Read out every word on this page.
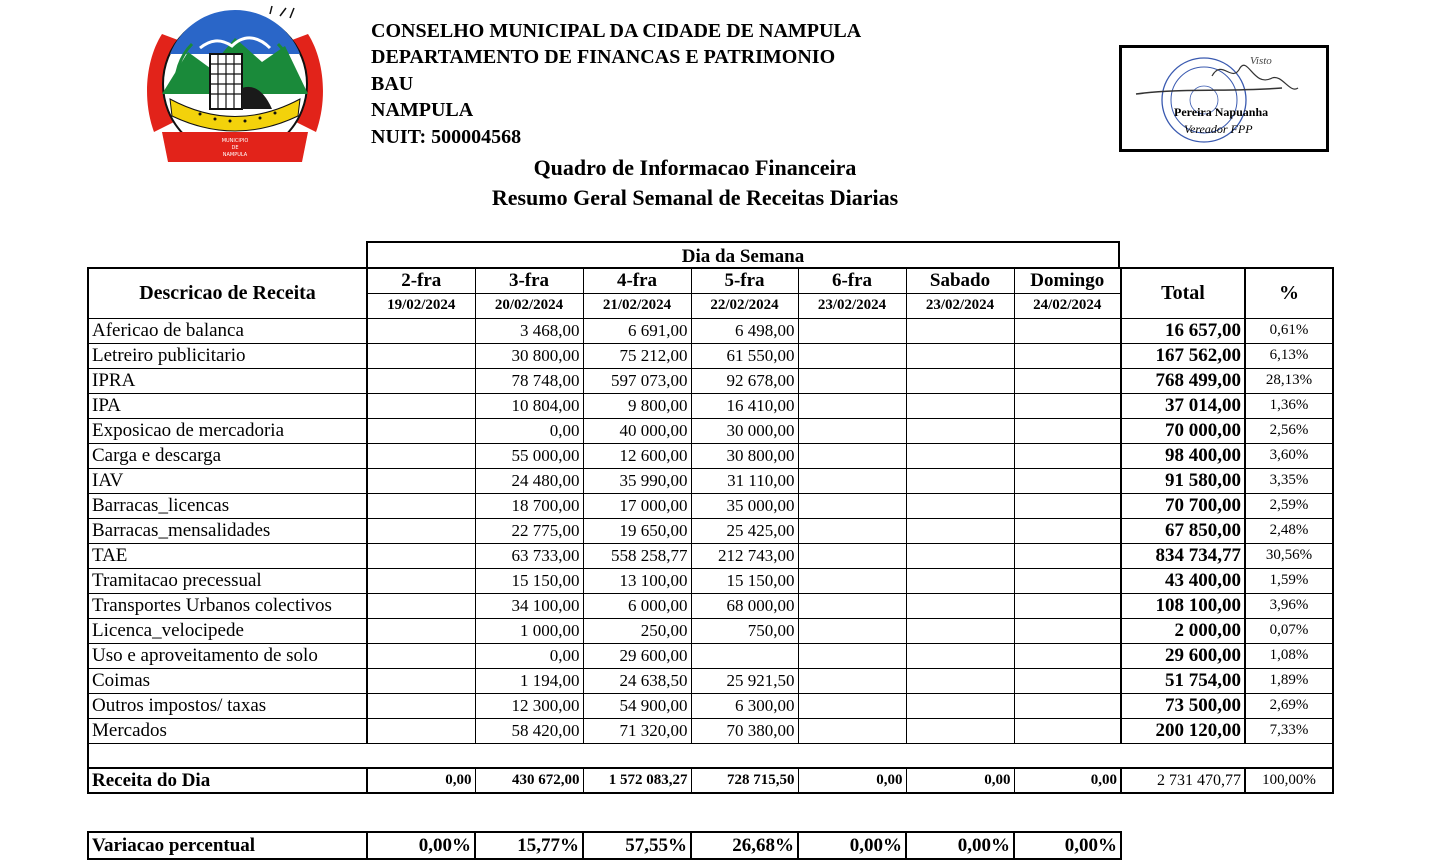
MUNICIPIO
DE
NAMPULA
CONSELHO MUNICIPAL DA CIDADE DE NAMPULA
DEPARTAMENTO DE FINANCAS E PATRIMONIO
BAU
NAMPULA
NUIT: 500004568
Quadro de Informacao Financeira
Resumo Geral Semanal de Receitas Diarias
Visto
Pereira Napuanha
Vereador FPP
Dia da Semana
Descricao de Receita	2-fra	3-fra	4-fra	5-fra	6-fra	Sabado	Domingo	Total	%
	19/02/2024	20/02/2024	21/02/2024	22/02/2024	23/02/2024	23/02/2024	24/02/2024		
Afericao de balanca		3 468,00	6 691,00	6 498,00				16 657,00	0,61%
Letreiro publicitario		30 800,00	75 212,00	61 550,00				167 562,00	6,13%
IPRA		78 748,00	597 073,00	92 678,00				768 499,00	28,13%
IPA		10 804,00	9 800,00	16 410,00				37 014,00	1,36%
Exposicao de mercadoria		0,00	40 000,00	30 000,00				70 000,00	2,56%
Carga e descarga		55 000,00	12 600,00	30 800,00				98 400,00	3,60%
IAV		24 480,00	35 990,00	31 110,00				91 580,00	3,35%
Barracas_licencas		18 700,00	17 000,00	35 000,00				70 700,00	2,59%
Barracas_mensalidades		22 775,00	19 650,00	25 425,00				67 850,00	2,48%
TAE		63 733,00	558 258,77	212 743,00				834 734,77	30,56%
Tramitacao precessual		15 150,00	13 100,00	15 150,00				43 400,00	1,59%
Transportes Urbanos colectivos		34 100,00	6 000,00	68 000,00				108 100,00	3,96%
Licenca_velocipede		1 000,00	250,00	750,00				2 000,00	0,07%
Uso e aproveitamento de solo		0,00	29 600,00					29 600,00	1,08%
Coimas		1 194,00	24 638,50	25 921,50				51 754,00	1,89%
Outros impostos/ taxas		12 300,00	54 900,00	6 300,00				73 500,00	2,69%
Mercados		58 420,00	71 320,00	70 380,00				200 120,00	7,33%

Receita do Dia	0,00	430 672,00	1 572 083,27	728 715,50	0,00	0,00	0,00	2 731 470,77	100,00%
Variacao percentual	0,00%	15,77%	57,55%	26,68%	0,00%	0,00%	0,00%
